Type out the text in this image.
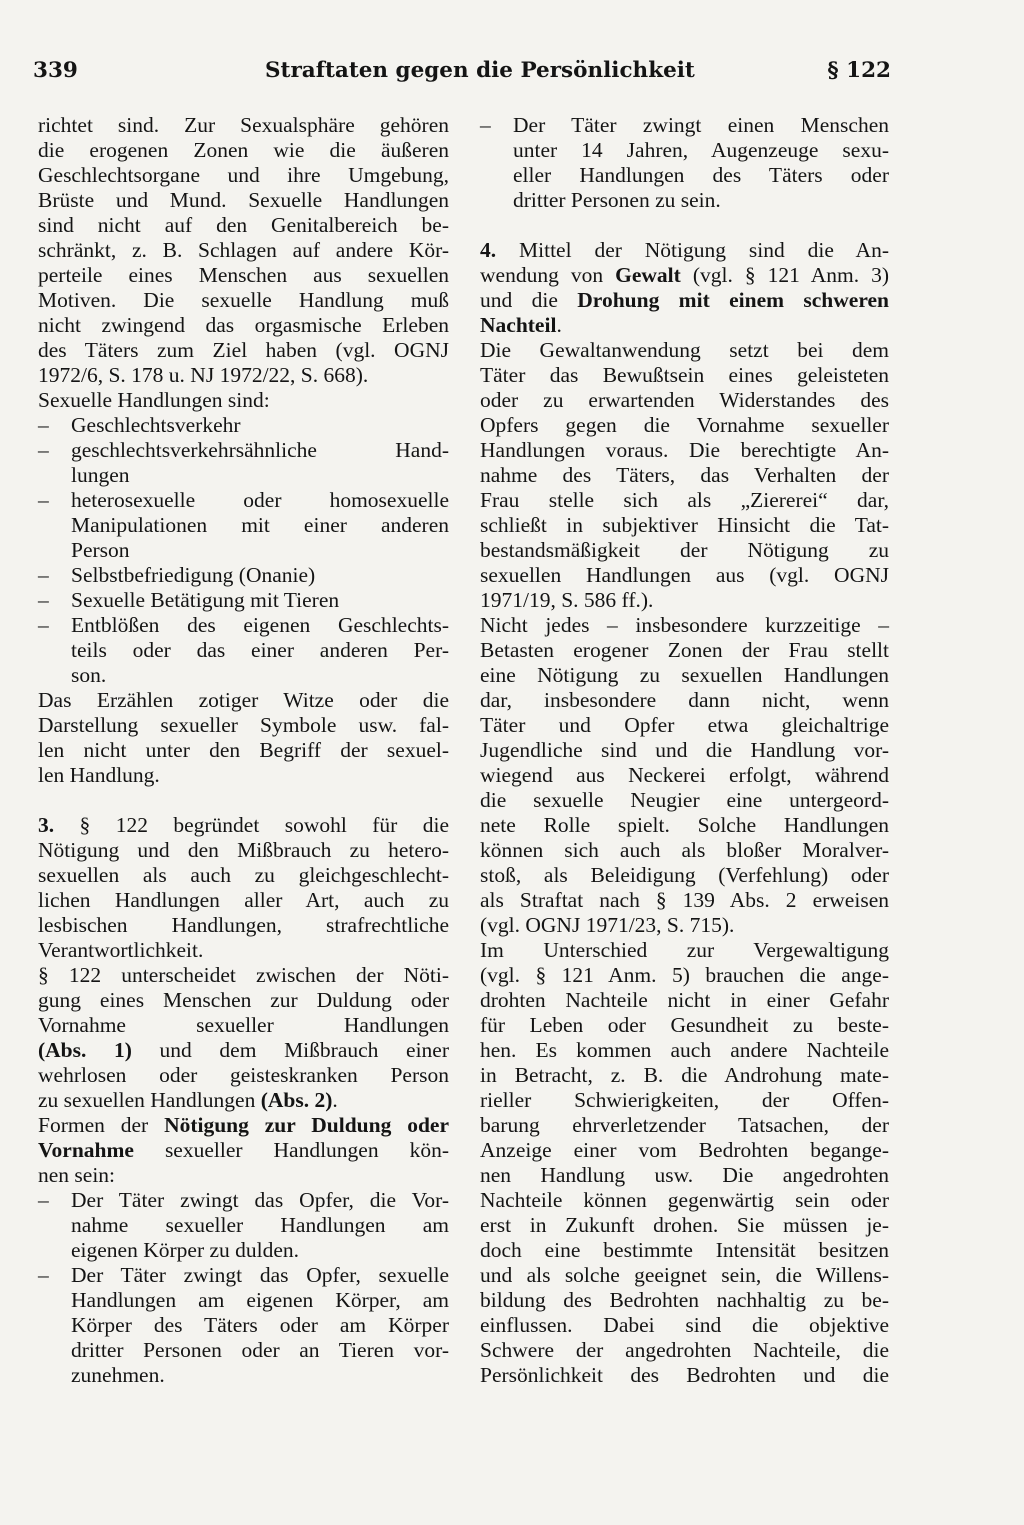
339	Straftaten gegen die Persönlichkeit	§ 122
richtet sind. Zur Sexualsphäre gehören
die erogenen Zonen wie die äußeren
Geschlechtsorgane und ihre Umgebung,
Brüste und Mund. Sexuelle Handlungen
sind nicht auf den Genitalbereich be-
schränkt, z. B. Schlagen auf andere Kör-
perteile eines Menschen aus sexuellen
Motiven. Die sexuelle Handlung muß
nicht zwingend das orgasmische Erleben
des Täters zum Ziel haben (vgl. OGNJ
1972/6, S. 178 u. NJ 1972/22, S. 668).
Sexuelle Handlungen sind:
– Geschlechtsverkehr
– geschlechtsverkehrsähnliche Hand-
lungen
– heterosexuelle oder homosexuelle
Manipulationen mit einer anderen
Person
– Selbstbefriedigung (Onanie)
– Sexuelle Betätigung mit Tieren
– Entblößen des eigenen Geschlechts-
teils oder das einer anderen Per-
son.
Das Erzählen zotiger Witze oder die
Darstellung sexueller Symbole usw. fal-
len nicht unter den Begriff der sexuel-
len Handlung.
3. § 122 begründet sowohl für die
Nötigung und den Mißbrauch zu hetero-
sexuellen als auch zu gleichgeschlecht-
lichen Handlungen aller Art, auch zu
lesbischen Handlungen, strafrechtliche
Verantwortlichkeit.
§ 122 unterscheidet zwischen der Nöti-
gung eines Menschen zur Duldung oder
Vornahme sexueller Handlungen
(Abs. 1) und dem Mißbrauch einer
wehrlosen oder geisteskranken Person
zu sexuellen Handlungen (Abs. 2).
Formen der Nötigung zur Duldung oder
Vornahme sexueller Handlungen kön-
nen sein:
– Der Täter zwingt das Opfer, die Vor-
nahme sexueller Handlungen am
eigenen Körper zu dulden.
– Der Täter zwingt das Opfer, sexuelle
Handlungen am eigenen Körper, am
Körper des Täters oder am Körper
dritter Personen oder an Tieren vor-
zunehmen.
– Der Täter zwingt einen Menschen
unter 14 Jahren, Augenzeuge sexu-
eller Handlungen des Täters oder
dritter Personen zu sein.
4. Mittel der Nötigung sind die An-
wendung von Gewalt (vgl. § 121 Anm. 3)
und die Drohung mit einem schweren
Nachteil.
Die Gewaltanwendung setzt bei dem
Täter das Bewußtsein eines geleisteten
oder zu erwartenden Widerstandes des
Opfers gegen die Vornahme sexueller
Handlungen voraus. Die berechtigte An-
nahme des Täters, das Verhalten der
Frau stelle sich als „Ziererei“ dar,
schließt in subjektiver Hinsicht die Tat-
bestandsmäßigkeit der Nötigung zu
sexuellen Handlungen aus (vgl. OGNJ
1971/19, S. 586 ff.).
Nicht jedes – insbesondere kurzzeitige –
Betasten erogener Zonen der Frau stellt
eine Nötigung zu sexuellen Handlungen
dar, insbesondere dann nicht, wenn
Täter und Opfer etwa gleichaltrige
Jugendliche sind und die Handlung vor-
wiegend aus Neckerei erfolgt, während
die sexuelle Neugier eine untergeord-
nete Rolle spielt. Solche Handlungen
können sich auch als bloßer Moralver-
stoß, als Beleidigung (Verfehlung) oder
als Straftat nach § 139 Abs. 2 erweisen
(vgl. OGNJ 1971/23, S. 715).
Im Unterschied zur Vergewaltigung
(vgl. § 121 Anm. 5) brauchen die ange-
drohten Nachteile nicht in einer Gefahr
für Leben oder Gesundheit zu beste-
hen. Es kommen auch andere Nachteile
in Betracht, z. B. die Androhung mate-
rieller Schwierigkeiten, der Offen-
barung ehrverletzender Tatsachen, der
Anzeige einer vom Bedrohten begange-
nen Handlung usw. Die angedrohten
Nachteile können gegenwärtig sein oder
erst in Zukunft drohen. Sie müssen je-
doch eine bestimmte Intensität besitzen
und als solche geeignet sein, die Willens-
bildung des Bedrohten nachhaltig zu be-
einflussen. Dabei sind die objektive
Schwere der angedrohten Nachteile, die
Persönlichkeit des Bedrohten und die
